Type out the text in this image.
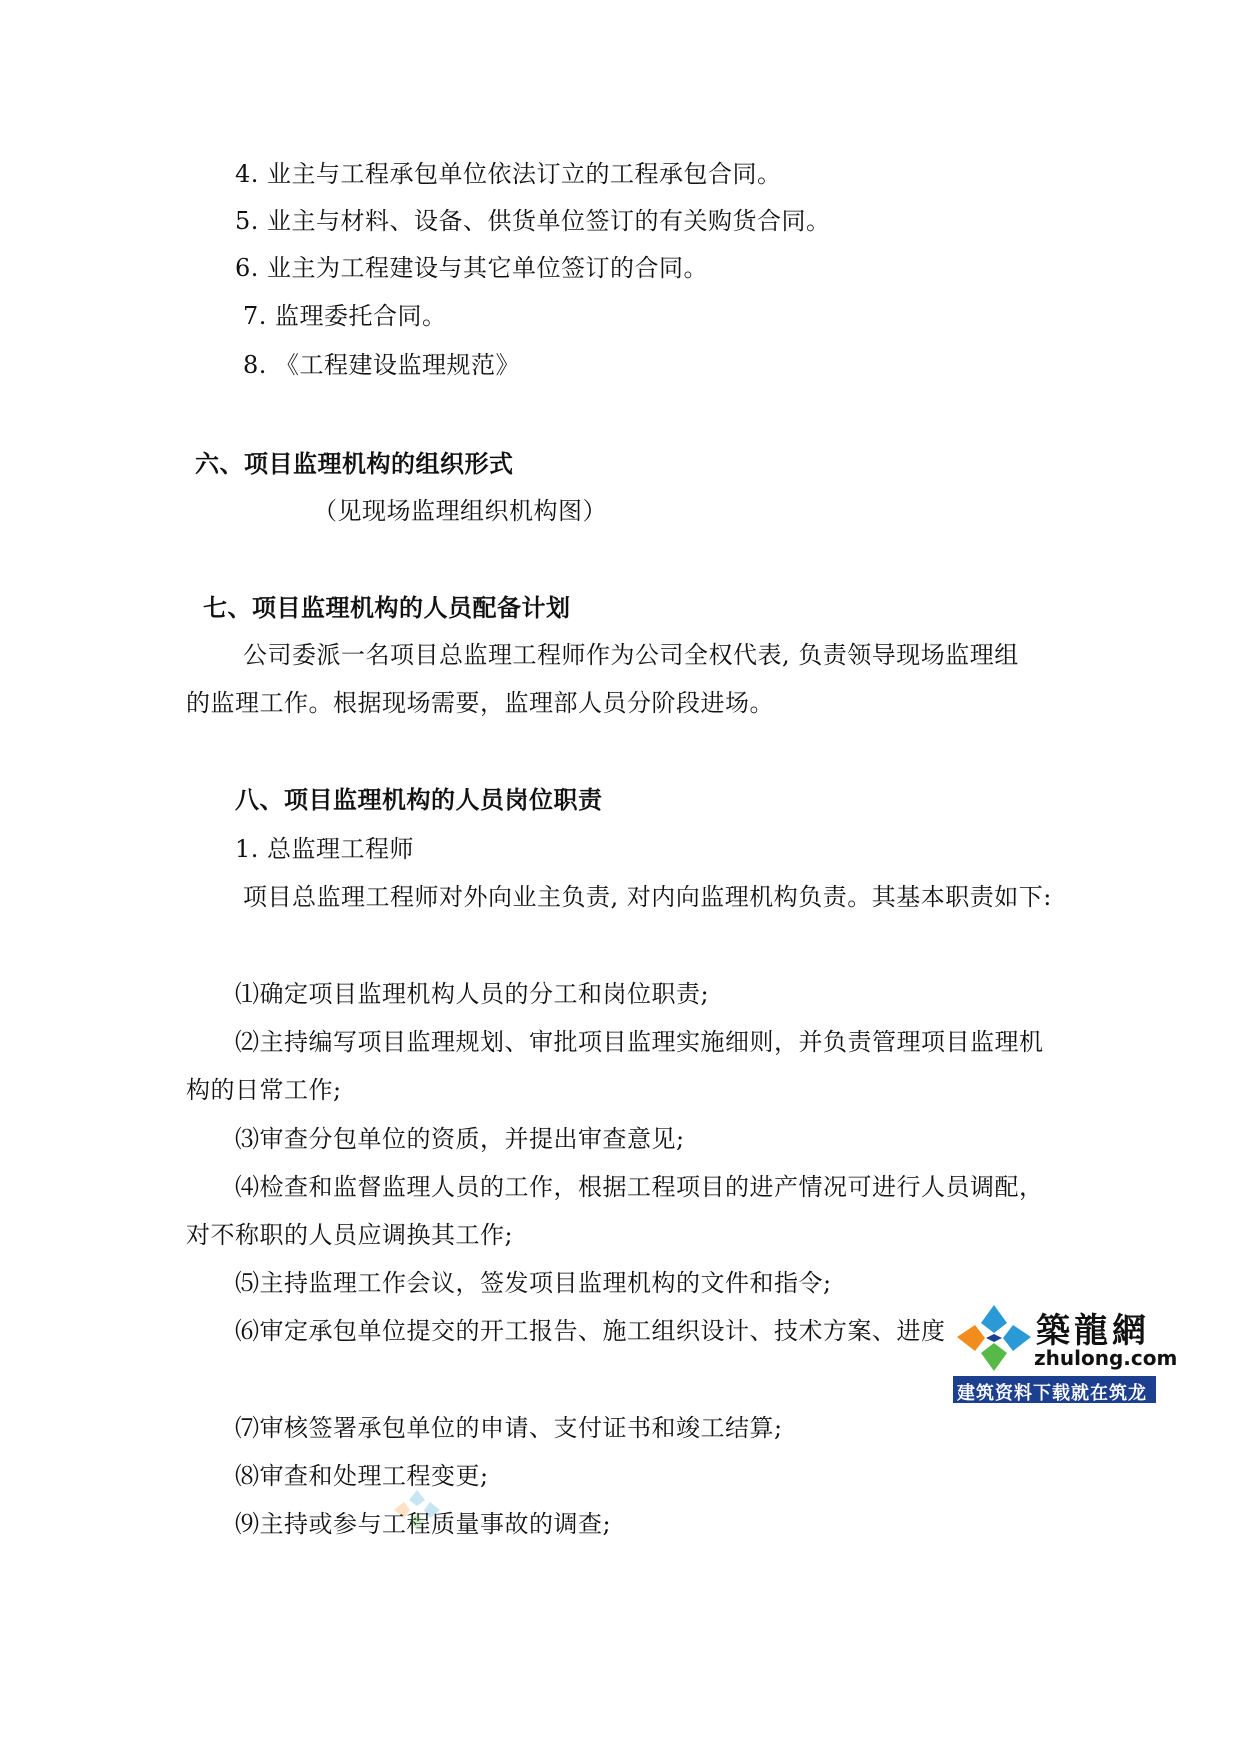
4. 业主与工程承包单位依法订立的工程承包合同。
5. 业主与材料、设备、供货单位签订的有关购货合同。
6. 业主为工程建设与其它单位签订的合同。
7. 监理委托合同。
8. 《工程建设监理规范》
六、项目监理机构的组织形式
（见现场监理组织机构图）
七、项目监理机构的人员配备计划
公司委派一名项目总监理工程师作为公司全权代表, 负责领导现场监理组
的监理工作。根据现场需要，监理部人员分阶段进场。
八、项目监理机构的人员岗位职责
1. 总监理工程师
项目总监理工程师对外向业主负责, 对内向监理机构负责。其基本职责如下:
⑴确定项目监理机构人员的分工和岗位职责;
⑵主持编写项目监理规划、审批项目监理实施细则，并负责管理项目监理机
构的日常工作;
⑶审查分包单位的资质，并提出审查意见;
⑷检查和监督监理人员的工作，根据工程项目的进产情况可进行人员调配，
对不称职的人员应调换其工作;
⑸主持监理工作会议，签发项目监理机构的文件和指令;
⑹审定承包单位提交的开工报告、施工组织设计、技术方案、进度
⑺审核签署承包单位的申请、支付证书和竣工结算;
⑻审查和处理工程变更;
⑼主持或参与工程质量事故的调查;
築龍網
zhulong.com
建筑资料下载就在筑龙网
